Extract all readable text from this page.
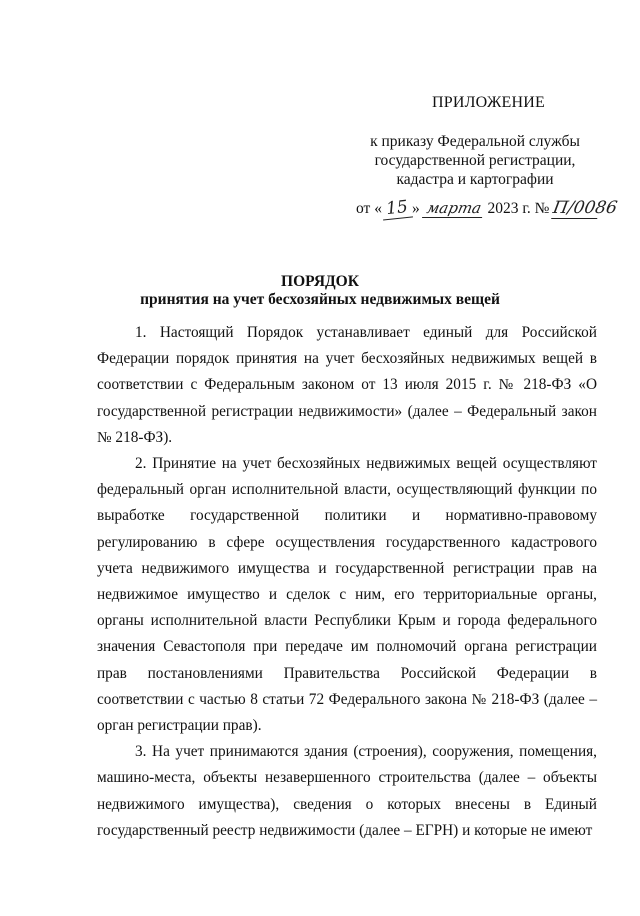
ПРИЛОЖЕНИЕ
к приказу Федеральной службы
государственной регистрации,
кадастра и картографии
от « 15 » марта 2023 г. № П/0086
ПОРЯДОК
принятия на учет бесхозяйных недвижимых вещей

1. Настоящий Порядок устанавливает единый для Российской Федерации порядок принятия на учет бесхозяйных недвижимых вещей в соответствии с Федеральным законом от 13 июля 2015 г. № 218-ФЗ «О государственной регистрации недвижимости» (далее – Федеральный закон № 218-ФЗ).

2. Принятие на учет бесхозяйных недвижимых вещей осуществляют федеральный орган исполнительной власти, осуществляющий функции по выработке государственной политики и нормативно-правовому регулированию в сфере осуществления государственного кадастрового учета недвижимого имущества и государственной регистрации прав на недвижимое имущество и сделок с ним, его территориальные органы, органы исполнительной власти Республики Крым и города федерального значения Севастополя при передаче им полномочий органа регистрации прав постановлениями Правительства Российской Федерации в соответствии с частью 8 статьи 72 Федерального закона № 218-ФЗ (далее – орган регистрации прав).

3. На учет принимаются здания (строения), сооружения, помещения, машино-места, объекты незавершенного строительства (далее – объекты недвижимого имущества), сведения о которых внесены в Единый государственный реестр недвижимости (далее – ЕГРН) и которые не имеют
